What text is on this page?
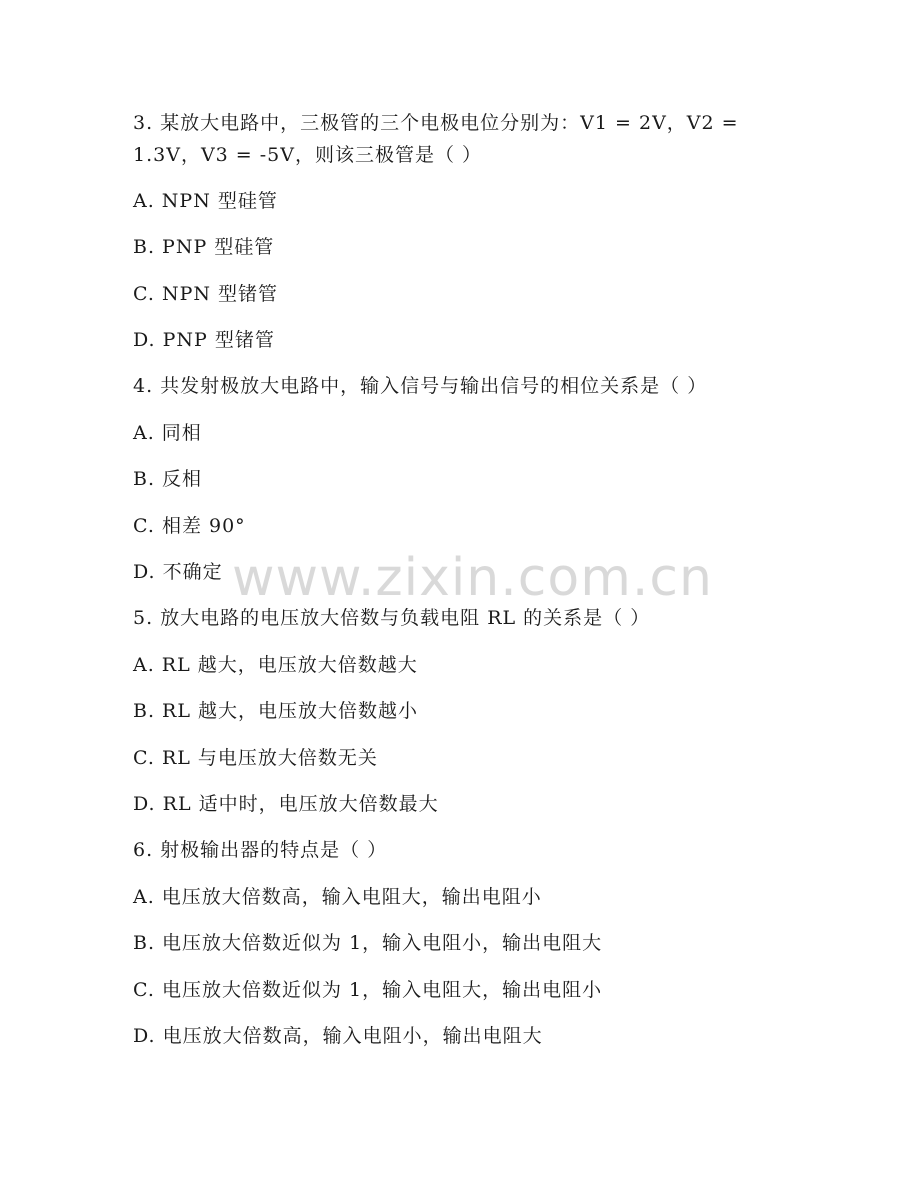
3. 某放大电路中，三极管的三个电极电位分别为：V1 = 2V，V2 =
1.3V，V3 = -5V，则该三极管是（ ）
A. NPN 型硅管
B. PNP 型硅管
C. NPN 型锗管
D. PNP 型锗管
4. 共发射极放大电路中，输入信号与输出信号的相位关系是（ ）
A. 同相
B. 反相
C. 相差 90°
D. 不确定
5. 放大电路的电压放大倍数与负载电阻 RL 的关系是（ ）
A. RL 越大，电压放大倍数越大
B. RL 越大，电压放大倍数越小
C. RL 与电压放大倍数无关
D. RL 适中时，电压放大倍数最大
6. 射极输出器的特点是（ ）
A. 电压放大倍数高，输入电阻大，输出电阻小
B. 电压放大倍数近似为 1，输入电阻小，输出电阻大
C. 电压放大倍数近似为 1，输入电阻大，输出电阻小
D. 电压放大倍数高，输入电阻小，输出电阻大
www.zixin.com.cn
